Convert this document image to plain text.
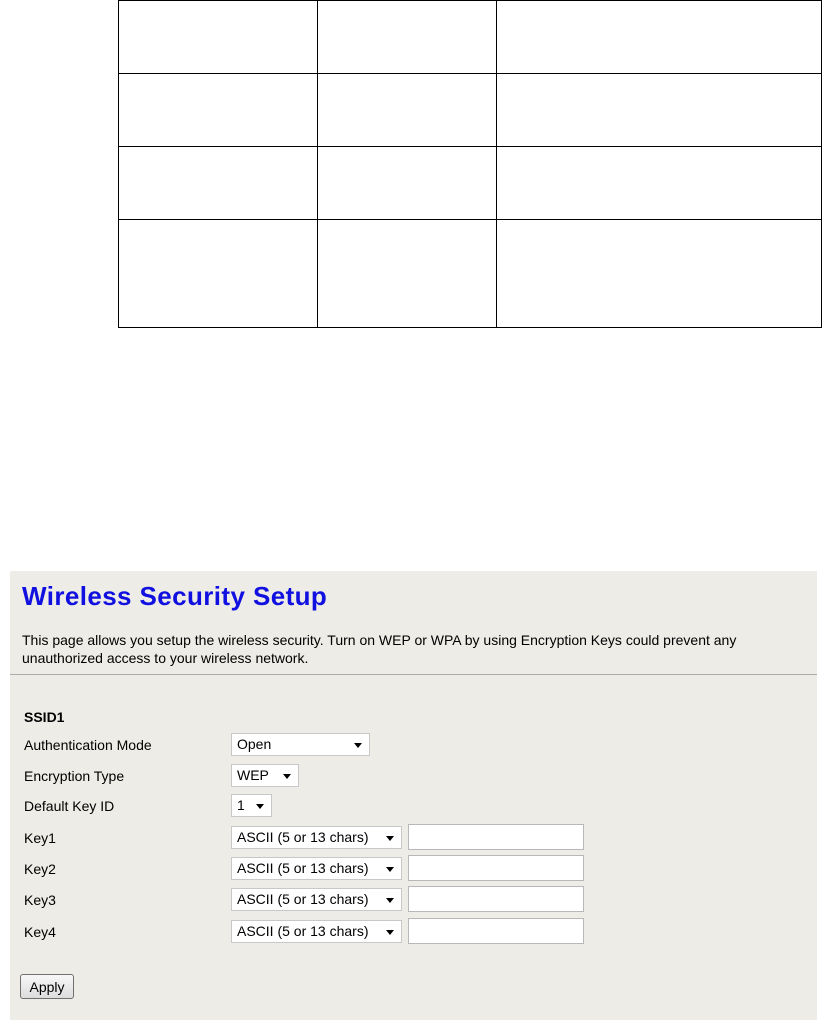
Wireless Security Setup
This page allows you setup the wireless security. Turn on WEP or WPA by using Encryption Keys could prevent any unauthorized access to your wireless network.
SSID1
Authentication Mode	Open
Encryption Type	WEP
Default Key ID	1
Key1	ASCII (5 or 13 chars)
Key2	ASCII (5 or 13 chars)
Key3	ASCII (5 or 13 chars)
Key4	ASCII (5 or 13 chars)
Apply
